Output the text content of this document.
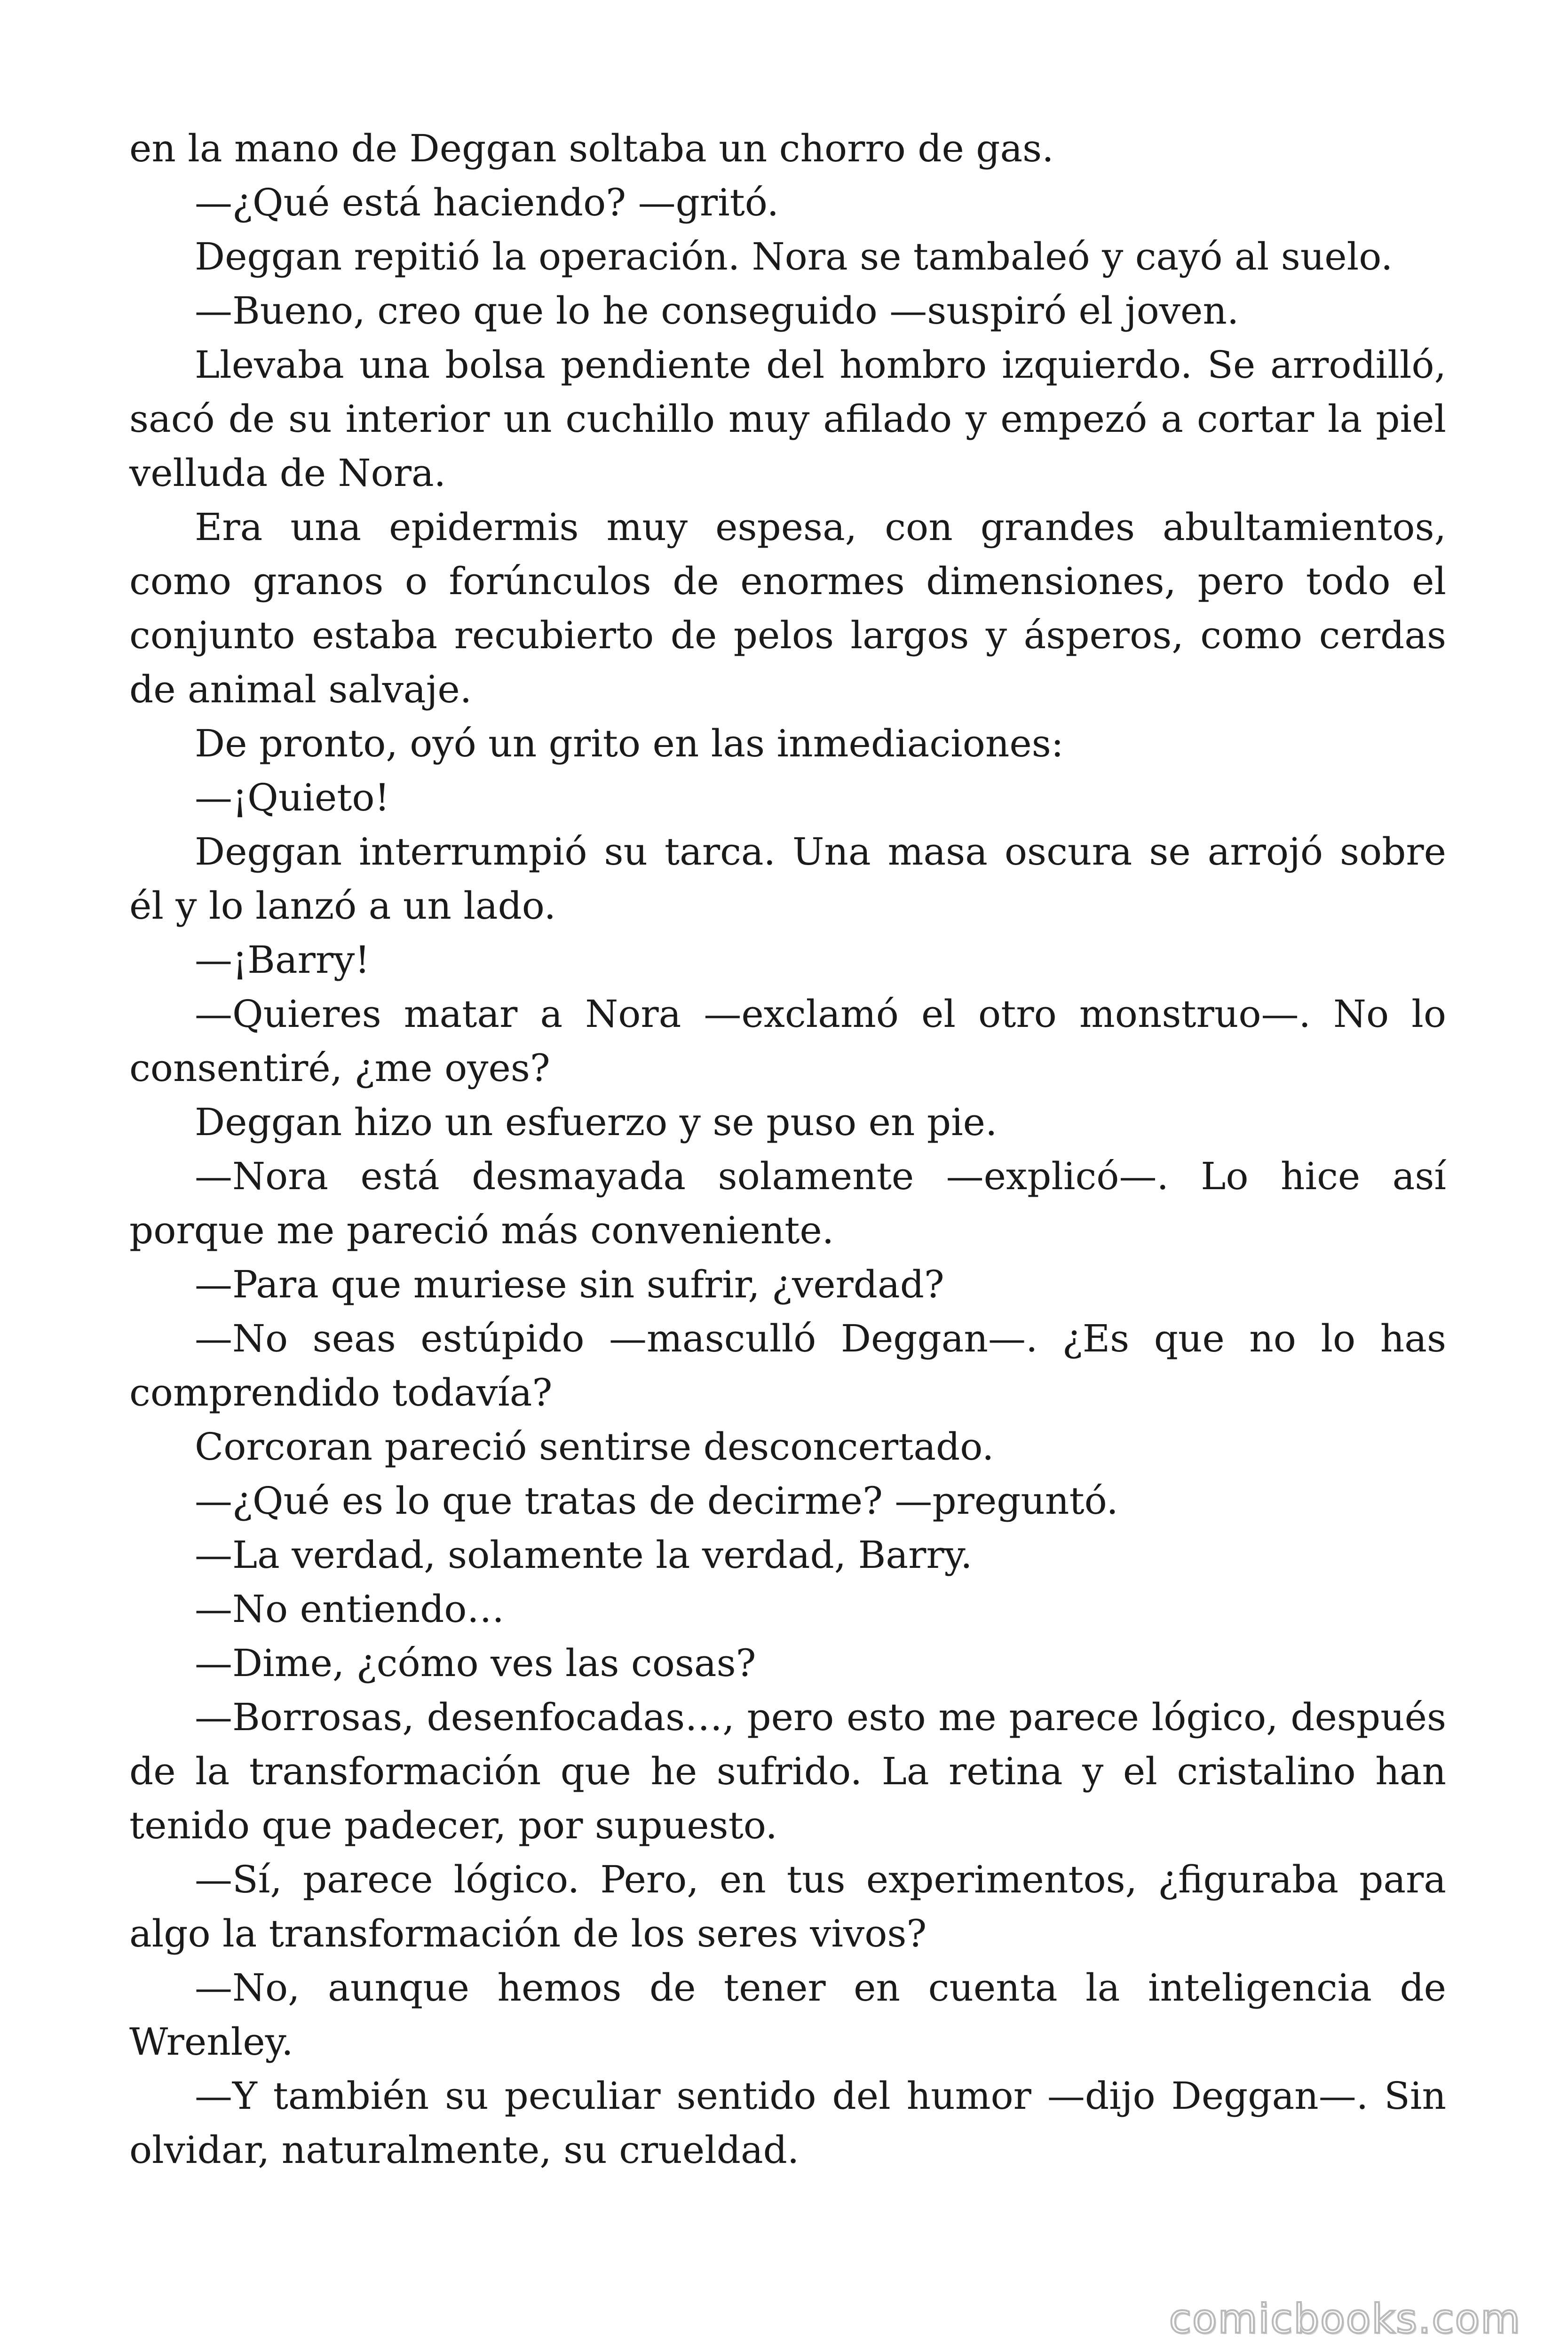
en la mano de Deggan soltaba un chorro de gas.

—¿Qué está haciendo? —gritó.

Deggan repitió la operación. Nora se tambaleó y cayó al suelo.

—Bueno, creo que lo he conseguido —suspiró el joven.

Llevaba una bolsa pendiente del hombro izquierdo. Se arrodilló, sacó de su interior un cuchillo muy afilado y empezó a cortar la piel velluda de Nora.

Era una epidermis muy espesa, con grandes abultamientos, como granos o forúnculos de enormes dimensiones, pero todo el conjunto estaba recubierto de pelos largos y ásperos, como cerdas de animal salvaje.

De pronto, oyó un grito en las inmediaciones:

—¡Quieto!

Deggan interrumpió su tarca. Una masa oscura se arrojó sobre él y lo lanzó a un lado.

—¡Barry!

—Quieres matar a Nora —exclamó el otro monstruo—. No lo consentiré, ¿me oyes?

Deggan hizo un esfuerzo y se puso en pie.

—Nora está desmayada solamente —explicó—. Lo hice así porque me pareció más conveniente.

—Para que muriese sin sufrir, ¿verdad?

—No seas estúpido —masculló Deggan—. ¿Es que no lo has comprendido todavía?

Corcoran pareció sentirse desconcertado.

—¿Qué es lo que tratas de decirme? —preguntó.

—La verdad, solamente la verdad, Barry.

—No entiendo…

—Dime, ¿cómo ves las cosas?

—Borrosas, desenfocadas…, pero esto me parece lógico, después de la transformación que he sufrido. La retina y el cristalino han tenido que padecer, por supuesto.

—Sí, parece lógico. Pero, en tus experimentos, ¿figuraba para algo la transformación de los seres vivos?

—No, aunque hemos de tener en cuenta la inteligencia de Wrenley.

—Y también su peculiar sentido del humor —dijo Deggan—. Sin olvidar, naturalmente, su crueldad.

comicbooks.com
